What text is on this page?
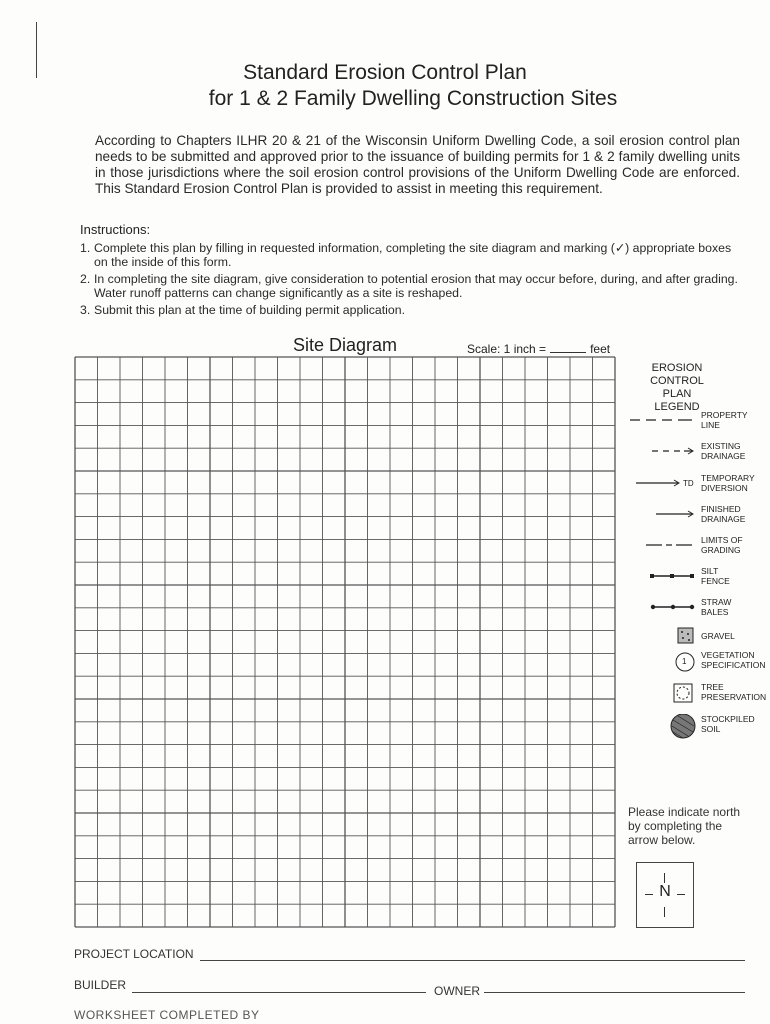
Standard Erosion Control Plan
for 1 & 2 Family Dwelling Construction Sites
According to Chapters ILHR 20 & 21 of the Wisconsin Uniform Dwelling Code, a soil erosion control plan needs to be submitted and approved prior to the issuance of building permits for 1 & 2 family dwelling units in those jurisdictions where the soil erosion control provisions of the Uniform Dwelling Code are enforced. This Standard Erosion Control Plan is provided to assist in meeting this requirement.
Instructions:
1. Complete this plan by filling in requested information, completing the site diagram and marking (✓) appropriate boxes on the inside of this form.
2. In completing the site diagram, give consideration to potential erosion that may occur before, during, and after grading. Water runoff patterns can change significantly as a site is reshaped.
3. Submit this plan at the time of building permit application.
Site Diagram	Scale: 1 inch =	feet
EROSION
CONTROL PLAN
LEGEND
PROPERTY
LINE
EXISTING
DRAINAGE
TD
TEMPORARY
DIVERSION
FINISHED
DRAINAGE
LIMITS OF
GRADING
SILT
FENCE
STRAW
BALES
GRAVEL
1
VEGETATION
SPECIFICATION
TREE
PRESERVATION
STOCKPILED
SOIL
Please indicate north by completing the arrow below.
N
PROJECT LOCATION
BUILDER	OWNER
WORKSHEET COMPLETED BY
